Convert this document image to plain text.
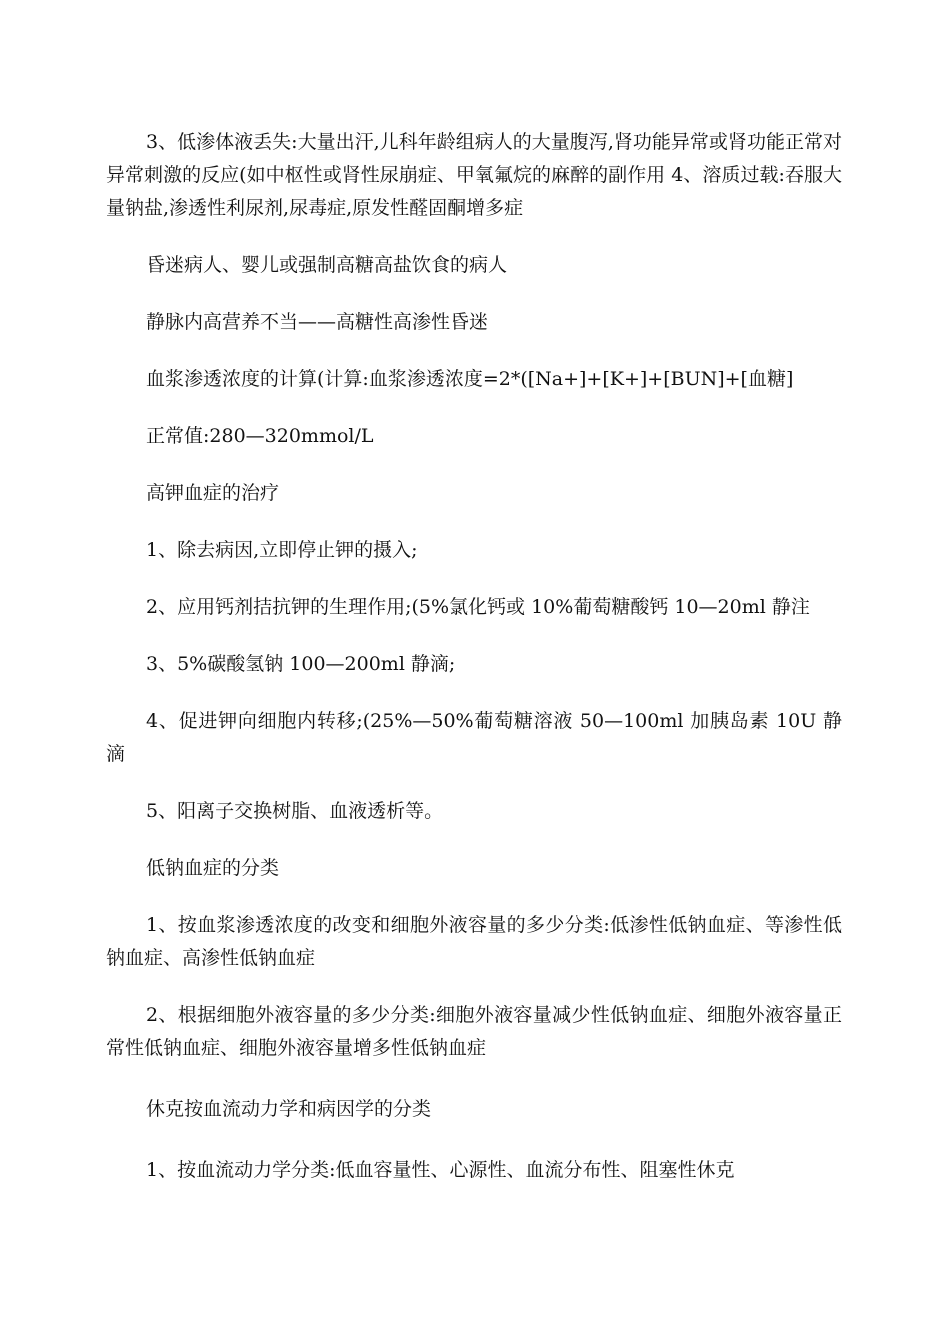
3、低渗体液丢失:大量出汗,儿科年龄组病人的大量腹泻,肾功能异常或肾功能正常对异常刺激的反应(如中枢性或肾性尿崩症、甲氧氟烷的麻醉的副作用 4、溶质过载:吞服大量钠盐,渗透性利尿剂,尿毒症,原发性醛固酮增多症

昏迷病人、婴儿或强制高糖高盐饮食的病人

静脉内高营养不当——高糖性高渗性昏迷

血浆渗透浓度的计算(计算:血浆渗透浓度=2*([Na+]+[K+]+[BUN]+[血糖]

正常值:280—320mmol/L

高钾血症的治疗

1、除去病因,立即停止钾的摄入;

2、应用钙剂拮抗钾的生理作用;(5%氯化钙或 10%葡萄糖酸钙 10—20ml 静注

3、5%碳酸氢钠 100—200ml 静滴;

4、促进钾向细胞内转移;(25%—50%葡萄糖溶液 50—100ml 加胰岛素 10U 静滴

5、阳离子交换树脂、血液透析等。

低钠血症的分类

1、按血浆渗透浓度的改变和细胞外液容量的多少分类:低渗性低钠血症、等渗性低钠血症、高渗性低钠血症

2、根据细胞外液容量的多少分类:细胞外液容量减少性低钠血症、细胞外液容量正常性低钠血症、细胞外液容量增多性低钠血症

休克按血流动力学和病因学的分类

1、按血流动力学分类:低血容量性、心源性、血流分布性、阻塞性休克
